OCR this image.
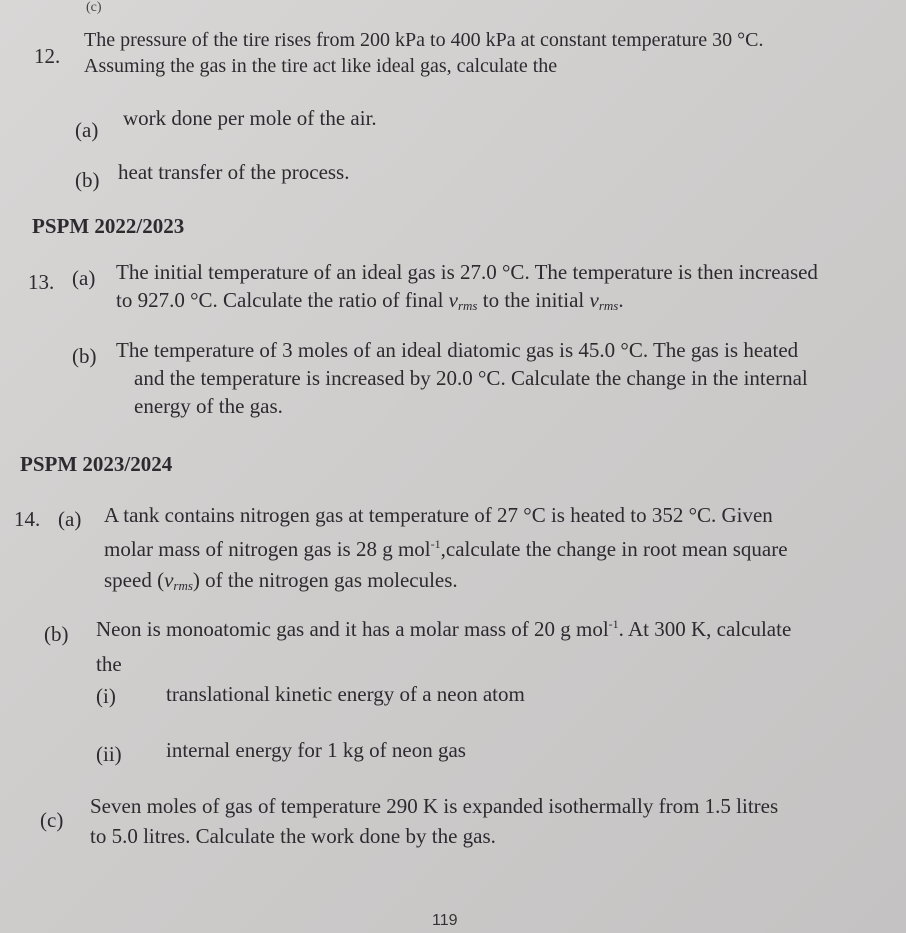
(c)
12.
The pressure of the tire rises from 200 kPa to 400 kPa at constant temperature 30 °C.
Assuming the gas in the tire act like ideal gas, calculate the
(a) work done per mole of the air.
(b) heat transfer of the process.
PSPM 2022/2023
13. (a) The initial temperature of an ideal gas is 27.0 °C. The temperature is then increased
to 927.0 °C. Calculate the ratio of final $v_{rms}$ to the initial $v_{rms}$.
(b) The temperature of 3 moles of an ideal diatomic gas is 45.0 °C. The gas is heated
and the temperature is increased by 20.0 °C. Calculate the change in the internal
energy of the gas.
PSPM 2023/2024
14. (a) A tank contains nitrogen gas at temperature of 27 °C is heated to 352 °C. Given
molar mass of nitrogen gas is 28 g mol$^{-1}$,calculate the change in root mean square
speed $(v_{rms})$ of the nitrogen gas molecules.
(b) Neon is monoatomic gas and it has a molar mass of 20 g mol$^{-1}$. At 300 K, calculate
the
(i) translational kinetic energy of a neon atom
(ii) internal energy for 1 kg of neon gas
(c)
Seven moles of gas of temperature 290 K is expanded isothermally from 1.5 litres
to 5.0 litres. Calculate the work done by the gas.
119
